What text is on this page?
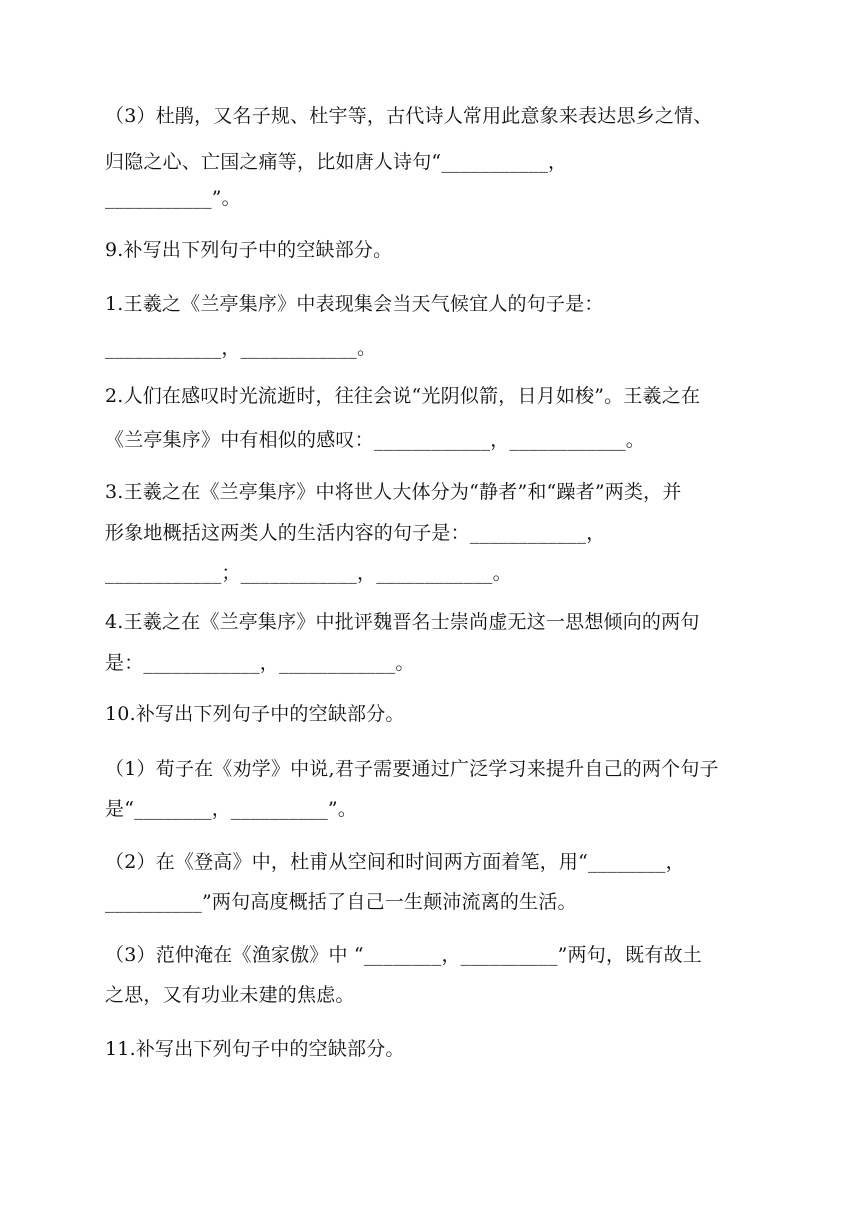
（3）杜鹃，又名子规、杜宇等，古代诗人常用此意象来表达思乡之情、
归隐之心、亡国之痛等，比如唐人诗句“___________，
___________”。
9.补写出下列句子中的空缺部分。
1.王羲之《兰亭集序》中表现集会当天气候宜人的句子是：
____________，____________。
2.人们在感叹时光流逝时，往往会说“光阴似箭，日月如梭”。王羲之在
《兰亭集序》中有相似的感叹：____________，____________。
3.王羲之在《兰亭集序》中将世人大体分为“静者”和“躁者”两类，并
形象地概括这两类人的生活内容的句子是：____________，
____________；____________，____________。
4.王羲之在《兰亭集序》中批评魏晋名士崇尚虚无这一思想倾向的两句
是：____________，____________。
10.补写出下列句子中的空缺部分。
（1）荀子在《劝学》中说,君子需要通过广泛学习来提升自己的两个句子
是“________，__________”。
（2）在《登高》中，杜甫从空间和时间两方面着笔，用“________，
__________”两句高度概括了自己一生颠沛流离的生活。
（3）范仲淹在《渔家傲》中 “________，__________”两句，既有故土
之思，又有功业未建的焦虑。
11.补写出下列句子中的空缺部分。
